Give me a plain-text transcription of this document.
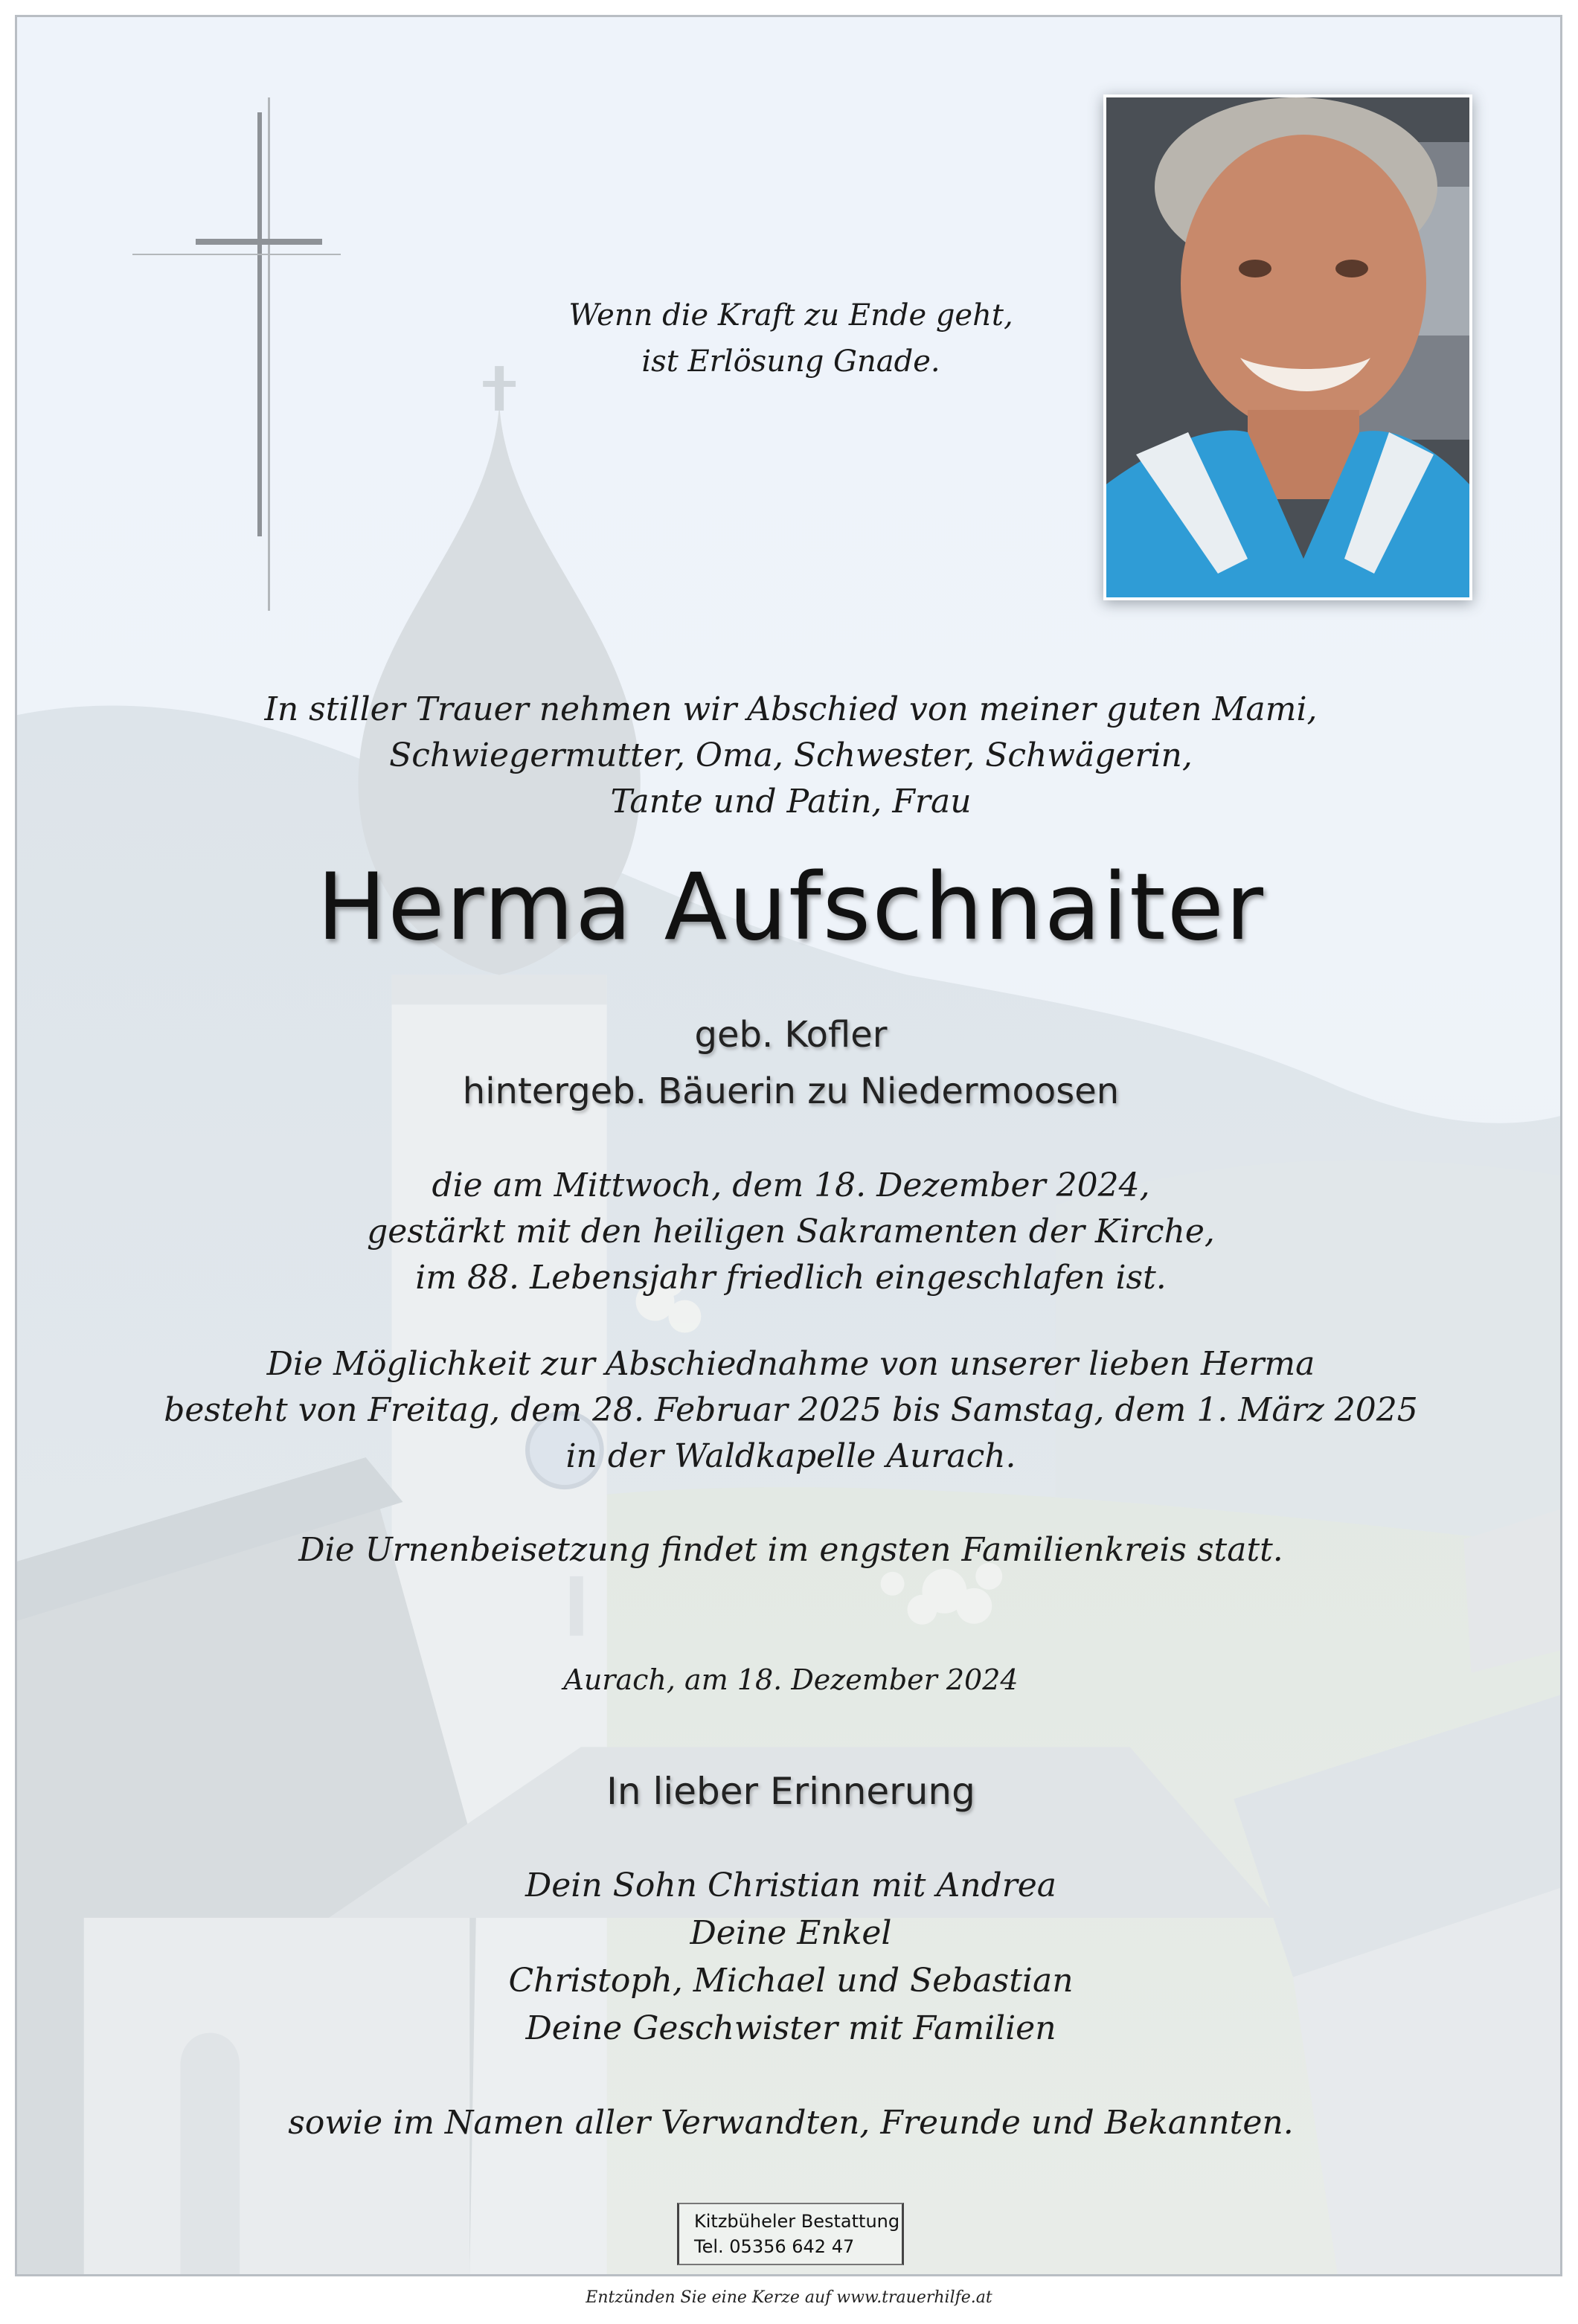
Wenn die Kraft zu Ende geht,
ist Erlösung Gnade.
In stiller Trauer nehmen wir Abschied von meiner guten Mami,
Schwiegermutter, Oma, Schwester, Schwägerin,
Tante und Patin, Frau
Herma Aufschnaiter
geb. Kofler
hintergeb. Bäuerin zu Niedermoosen
die am Mittwoch, dem 18. Dezember 2024,
gestärkt mit den heiligen Sakramenten der Kirche,
im 88. Lebensjahr friedlich eingeschlafen ist.
Die Möglichkeit zur Abschiednahme von unserer lieben Herma
besteht von Freitag, dem 28. Februar 2025 bis Samstag, dem 1. März 2025
in der Waldkapelle Aurach.
Die Urnenbeisetzung findet im engsten Familienkreis statt.
Aurach, am 18. Dezember 2024
In lieber Erinnerung
Dein Sohn Christian mit Andrea
Deine Enkel
Christoph, Michael und Sebastian
Deine Geschwister mit Familien
sowie im Namen aller Verwandten, Freunde und Bekannten.
Kitzbüheler Bestattung
Tel. 05356 642 47
Entzünden Sie eine Kerze auf www.trauerhilfe.at
